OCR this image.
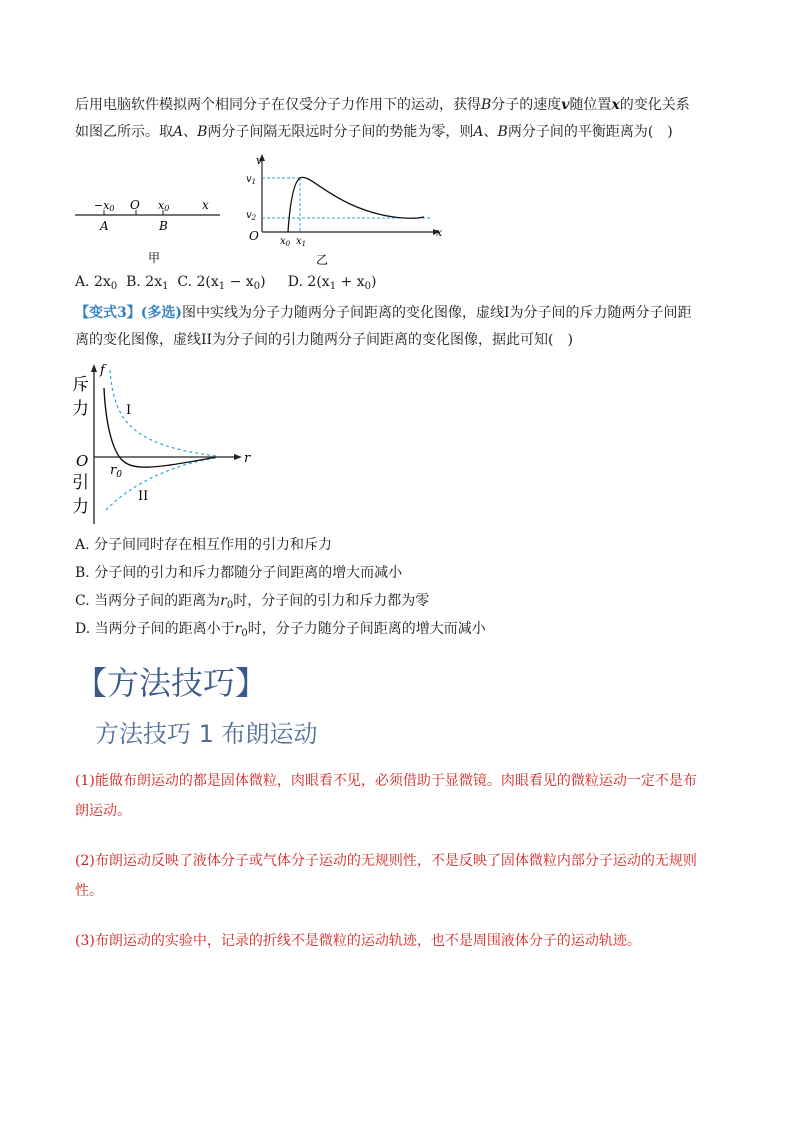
后用电脑软件模拟两个相同分子在仅受分子力作用下的运动，获得B分子的速度v随位置x的变化关系
如图乙所示。取A、B两分子间隔无限远时分子间的势能为零，则A、B两分子间的平衡距离为(　)

−x0 O x0	x
A	B
甲
v
$v_1$
$v_2$
O $x_0$ $x_1$
x
乙

A. $2x_0$ B. $2x_1$ C. $2(x_1 - x_0)$ D. $2(x_1 + x_0)$

【变式3】(多选)图中实线为分子力随两分子间距离的变化图像，虚线I为分子间的斥力随两分子间距
离的变化图像，虚线II为分子间的引力随两分子间距离的变化图像，据此可知(　)

f
斥
力
O
引
力
r
$r_0$
I
II

A. 分子间同时存在相互作用的引力和斥力

B. 分子间的引力和斥力都随分子间距离的增大而减小

C. 当两分子间的距离为$r_0$时，分子间的引力和斥力都为零

D. 当两分子间的距离小于$r_0$时，分子力随分子间距离的增大而减小

【方法技巧】
方法技巧 1 布朗运动

(1)能做布朗运动的都是固体微粒，肉眼看不见，必须借助于显微镜。肉眼看见的微粒运动一定不是布
朗运动。

(2)布朗运动反映了液体分子或气体分子运动的无规则性，不是反映了固体微粒内部分子运动的无规则
性。

(3)布朗运动的实验中，记录的折线不是微粒的运动轨迹，也不是周围液体分子的运动轨迹。
